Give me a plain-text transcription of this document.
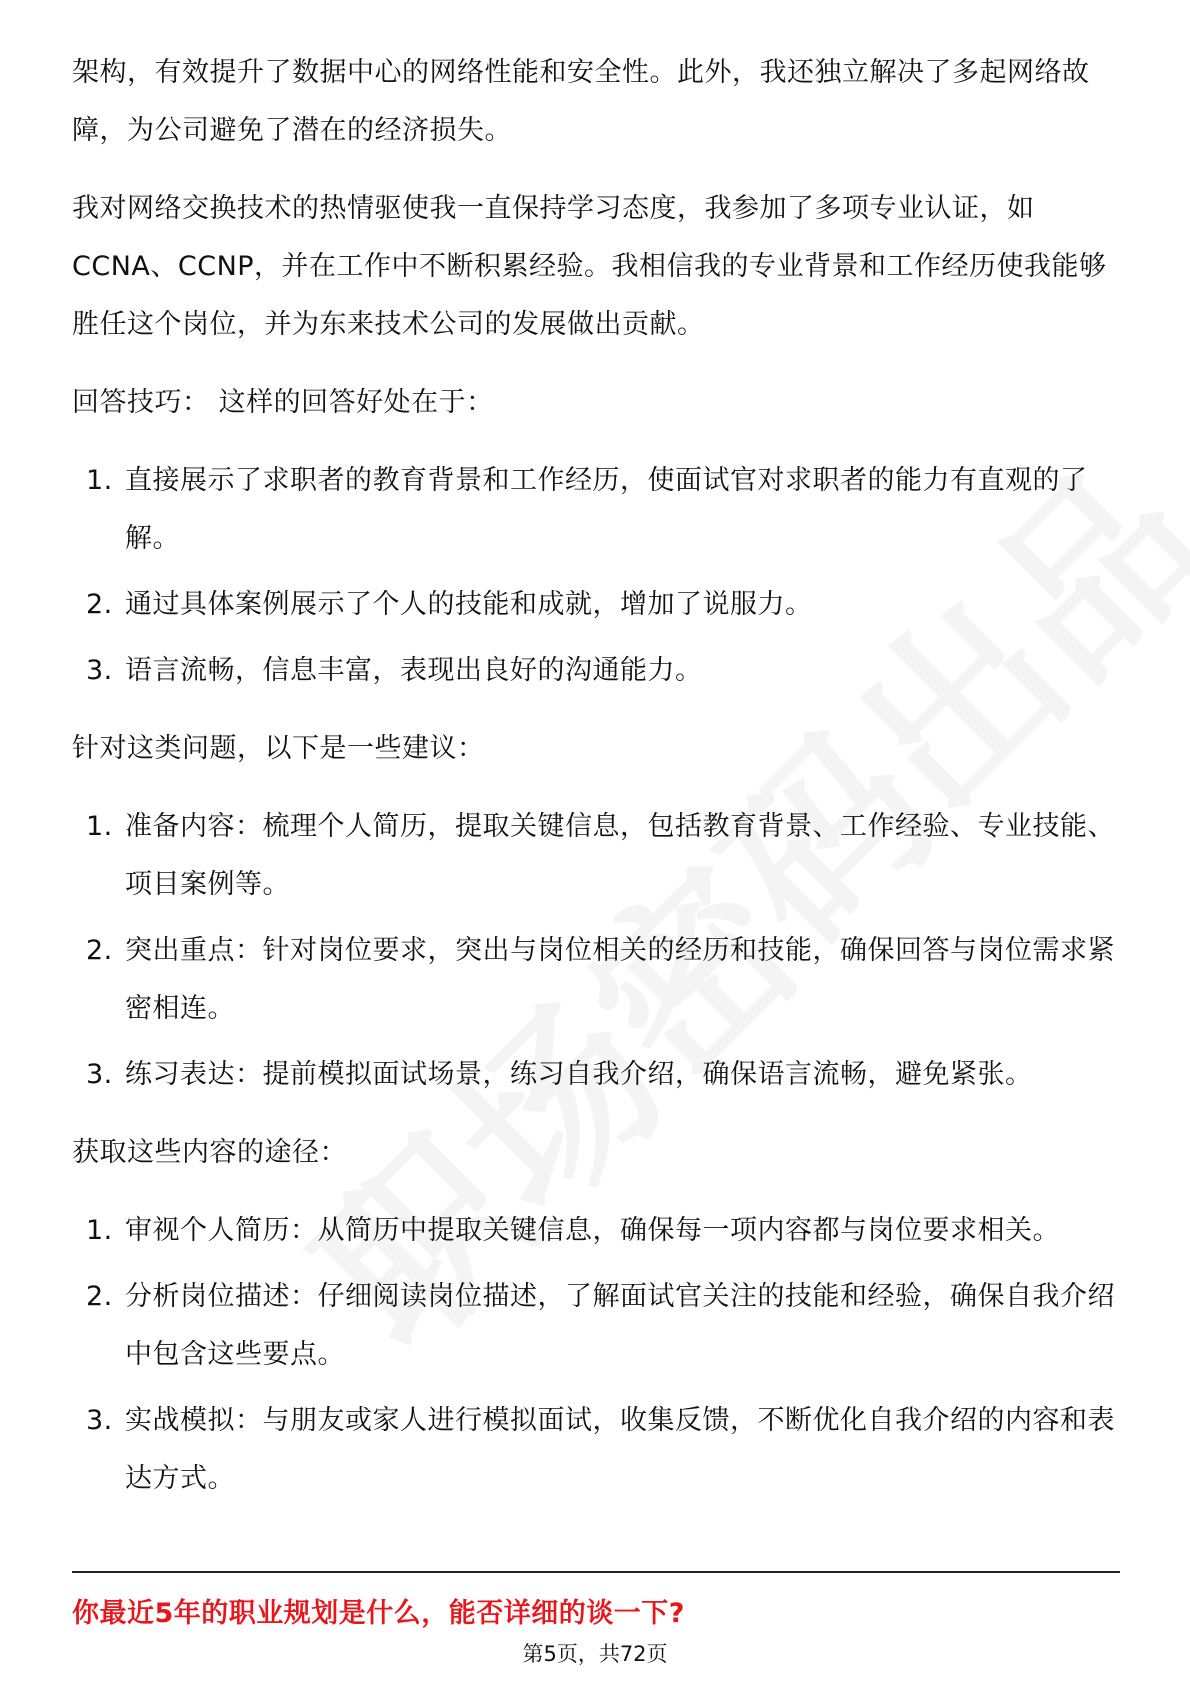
架构，有效提升了数据中心的网络性能和安全性。此外，我还独立解决了多起网络故障，为公司避免了潜在的经济损失。

我对网络交换技术的热情驱使我一直保持学习态度，我参加了多项专业认证，如CCNA、CCNP，并在工作中不断积累经验。我相信我的专业背景和工作经历使我能够胜任这个岗位，并为东来技术公司的发展做出贡献。

回答技巧： 这样的回答好处在于：

1. 直接展示了求职者的教育背景和工作经历，使面试官对求职者的能力有直观的了解。
2. 通过具体案例展示了个人的技能和成就，增加了说服力。
3. 语言流畅，信息丰富，表现出良好的沟通能力。

针对这类问题，以下是一些建议：

1. 准备内容：梳理个人简历，提取关键信息，包括教育背景、工作经验、专业技能、项目案例等。
2. 突出重点：针对岗位要求，突出与岗位相关的经历和技能，确保回答与岗位需求紧密相连。
3. 练习表达：提前模拟面试场景，练习自我介绍，确保语言流畅，避免紧张。

获取这些内容的途径：

1. 审视个人简历：从简历中提取关键信息，确保每一项内容都与岗位要求相关。
2. 分析岗位描述：仔细阅读岗位描述，了解面试官关注的技能和经验，确保自我介绍中包含这些要点。
3. 实战模拟：与朋友或家人进行模拟面试，收集反馈，不断优化自我介绍的内容和表达方式。
你最近5年的职业规划是什么，能否详细的谈一下?
第5页，共72页
